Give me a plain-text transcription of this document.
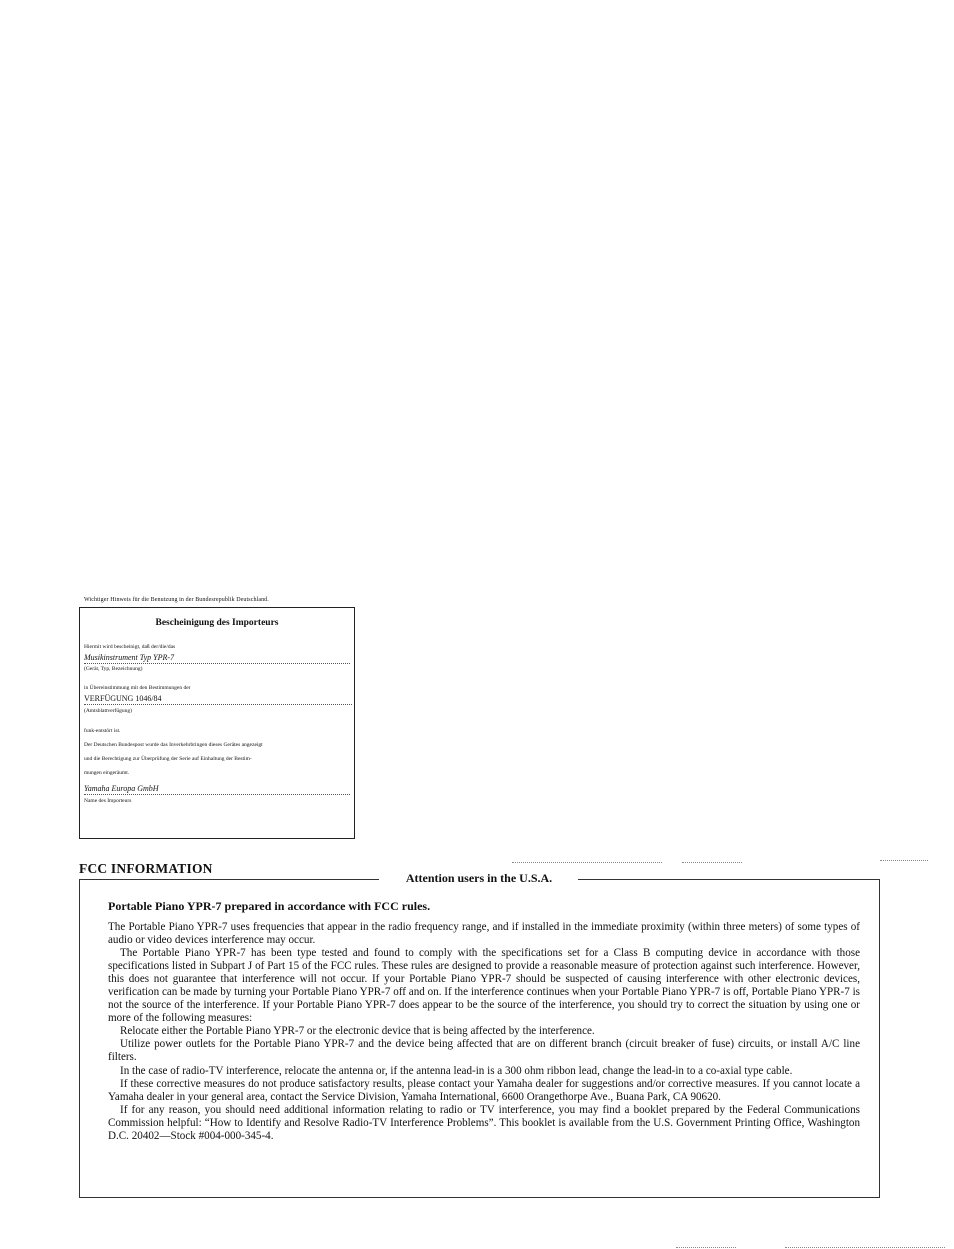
Wichtiger Hinweis für die Benutzung in der Bundesrepublik Deutschland.
Bescheinigung des Importeurs
Hiermit wird bescheinigt, daß der/die/das
Musikinstrument Typ YPR-7
(Gerät, Typ, Bezeichnung)
in Übereinstimmung mit den Bestimmungen der
VERFÜGUNG 1046/84
(Amtsblattverfügung)
funk-entstört ist.
Der Deutschen Bundespost wurde das Inverkehrbringen dieses Gerätes angezeigt
und die Berechtigung zur Überprüfung der Serie auf Einhaltung der Bestim-
mungen eingeräumt.
Yamaha Europa GmbH
Name des Importeurs
FCC INFORMATION
Attention users in the U.S.A.
Portable Piano YPR-7 prepared in accordance with FCC rules.

The Portable Piano YPR-7 uses frequencies that appear in the radio frequency range, and if installed in the immediate proximity (within three meters) of some types of audio or video devices interference may occur.

The Portable Piano YPR-7 has been type tested and found to comply with the specifications set for a Class B computing device in accordance with those specifications listed in Subpart J of Part 15 of the FCC rules. These rules are designed to provide a reasonable measure of protection against such interference. However, this does not guarantee that interference will not occur. If your Portable Piano YPR-7 should be suspected of causing interference with other electronic devices, verification can be made by turning your Portable Piano YPR-7 off and on. If the interference continues when your Portable Piano YPR-7 is off, Portable Piano YPR-7 is not the source of the interference. If your Portable Piano YPR-7 does appear to be the source of the interference, you should try to correct the situation by using one or more of the following measures:

Relocate either the Portable Piano YPR-7 or the electronic device that is being affected by the interference.

Utilize power outlets for the Portable Piano YPR-7 and the device being affected that are on different branch (circuit breaker of fuse) circuits, or install A/C line filters.

In the case of radio-TV interference, relocate the antenna or, if the antenna lead-in is a 300 ohm ribbon lead, change the lead-in to a co-axial type cable.

If these corrective measures do not produce satisfactory results, please contact your Yamaha dealer for suggestions and/or corrective measures. If you cannot locate a Yamaha dealer in your general area, contact the Service Division, Yamaha International, 6600 Orangethorpe Ave., Buana Park, CA 90620.

If for any reason, you should need additional information relating to radio or TV interference, you may find a booklet prepared by the Federal Communications Commission helpful: “How to Identify and Resolve Radio-TV Interference Problems”. This booklet is available from the U.S. Government Printing Office, Washington D.C. 20402—Stock #004-000-345-4.
